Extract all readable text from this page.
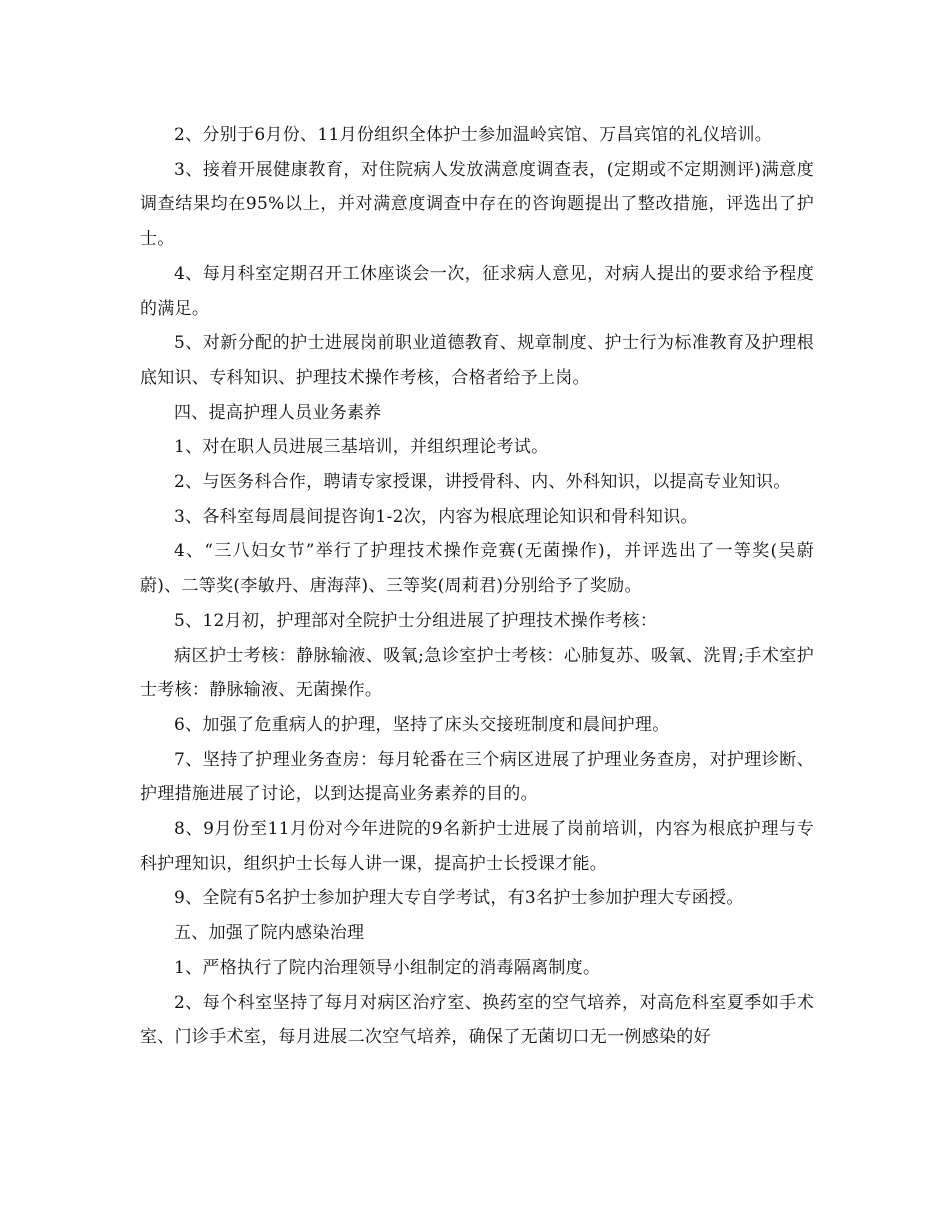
2、分别于6月份、11月份组织全体护士参加温岭宾馆、万昌宾馆的礼仪培训。

3、接着开展健康教育，对住院病人发放满意度调查表，(定期或不定期测评)满意度调查结果均在95%以上，并对满意度调查中存在的咨询题提出了整改措施，评选出了护士。

4、每月科室定期召开工休座谈会一次，征求病人意见，对病人提出的要求给予程度的满足。

5、对新分配的护士进展岗前职业道德教育、规章制度、护士行为标准教育及护理根底知识、专科知识、护理技术操作考核，合格者给予上岗。

四、提高护理人员业务素养

1、对在职人员进展三基培训，并组织理论考试。

2、与医务科合作，聘请专家授课，讲授骨科、内、外科知识，以提高专业知识。

3、各科室每周晨间提咨询1-2次，内容为根底理论知识和骨科知识。

4、“三八妇女节”举行了护理技术操作竞赛(无菌操作)，并评选出了一等奖(吴蔚蔚)、二等奖(李敏丹、唐海萍)、三等奖(周莉君)分别给予了奖励。

5、12月初，护理部对全院护士分组进展了护理技术操作考核：

病区护士考核：静脉输液、吸氧;急诊室护士考核：心肺复苏、吸氧、洗胃;手术室护士考核：静脉输液、无菌操作。

6、加强了危重病人的护理，坚持了床头交接班制度和晨间护理。

7、坚持了护理业务查房：每月轮番在三个病区进展了护理业务查房，对护理诊断、护理措施进展了讨论，以到达提高业务素养的目的。

8、9月份至11月份对今年进院的9名新护士进展了岗前培训，内容为根底护理与专科护理知识，组织护士长每人讲一课，提高护士长授课才能。

9、全院有5名护士参加护理大专自学考试，有3名护士参加护理大专函授。

五、加强了院内感染治理

1、严格执行了院内治理领导小组制定的消毒隔离制度。

2、每个科室坚持了每月对病区治疗室、换药室的空气培养，对高危科室夏季如手术室、门诊手术室，每月进展二次空气培养，确保了无菌切口无一例感染的好
